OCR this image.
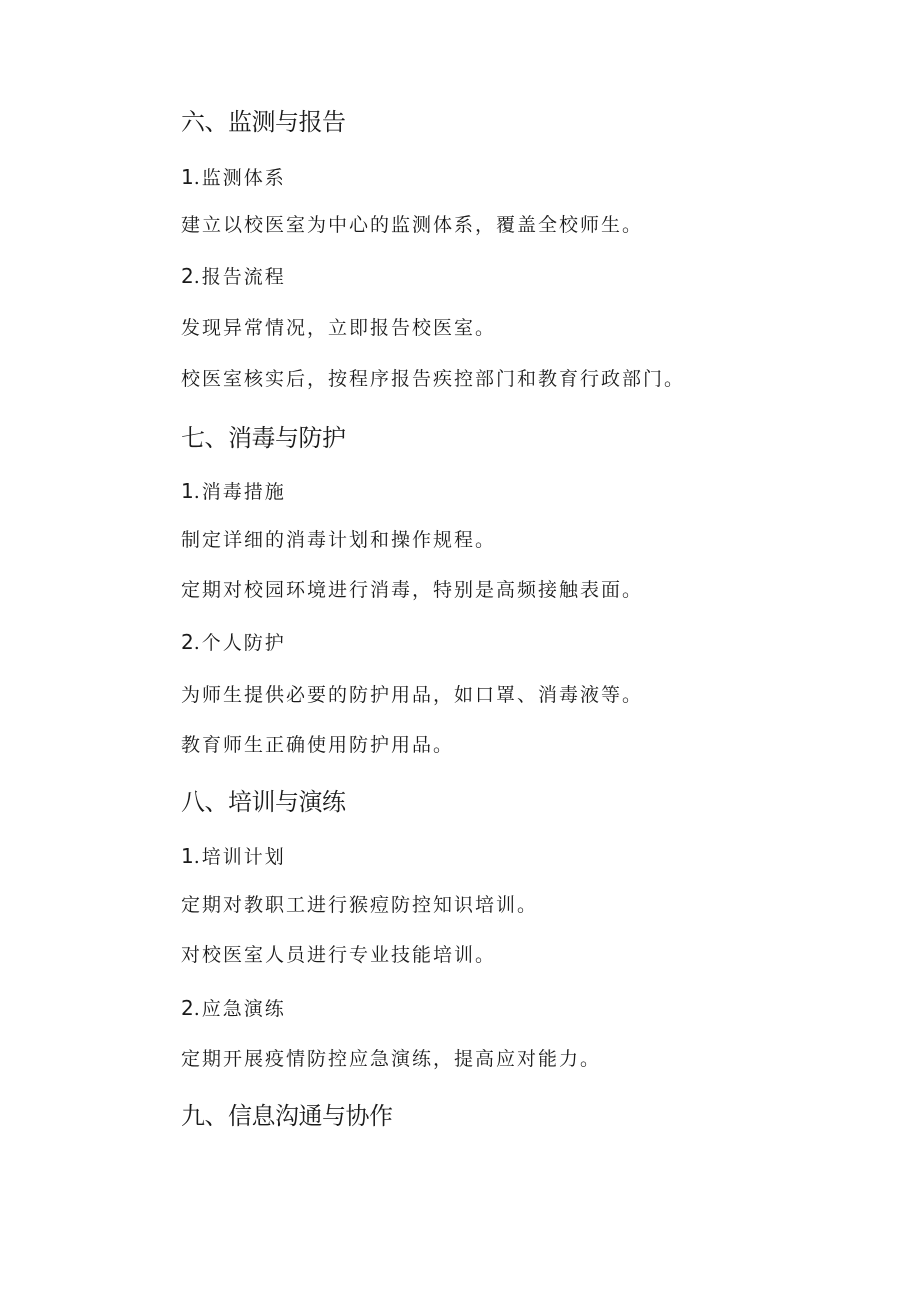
六、监测与报告
1.监测体系
建立以校医室为中心的监测体系，覆盖全校师生。
2.报告流程
发现异常情况，立即报告校医室。
校医室核实后，按程序报告疾控部门和教育行政部门。
七、消毒与防护
1.消毒措施
制定详细的消毒计划和操作规程。
定期对校园环境进行消毒，特别是高频接触表面。
2.个人防护
为师生提供必要的防护用品，如口罩、消毒液等。
教育师生正确使用防护用品。
八、培训与演练
1.培训计划
定期对教职工进行猴痘防控知识培训。
对校医室人员进行专业技能培训。
2.应急演练
定期开展疫情防控应急演练，提高应对能力。
九、信息沟通与协作
